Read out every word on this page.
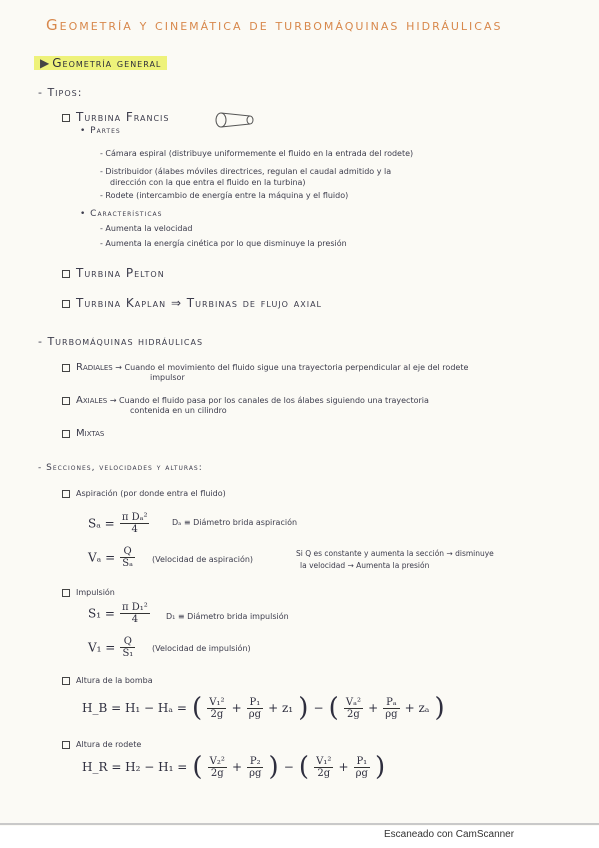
Geometría y cinemática de turbomáquinas hidráulicas
▶ Geometría general
- Tipos:
Turbina Francis
• Partes
- Cámara espiral (distribuye uniformemente el fluido en la entrada del rodete)
- Distribuidor (álabes móviles directrices, regulan el caudal admitido y la
dirección con la que entra el fluido en la turbina)
- Rodete (intercambio de energía entre la máquina y el fluido)
• Características
- Aumenta la velocidad
- Aumenta la energía cinética por lo que disminuye la presión
Turbina Pelton
Turbina Kaplan ⇒ Turbinas de flujo axial
- Turbomáquinas hidráulicas
Radiales → Cuando el movimiento del fluido sigue una trayectoria perpendicular al eje del rodete
impulsor
Axiales → Cuando el fluido pasa por los canales de los álabes siguiendo una trayectoria
contenida en un cilindro
Mixtas
- Secciones, velocidades y alturas:
Aspiración (por donde entra el fluido)
$S_a = \frac{\text{π Dₐ²}}{4}$	Dₐ ≡ Diámetro brida aspiración
$V_a = \frac{Q}{\text{Sₐ}}$ (Velocidad de aspiración)
Si Q es constante y aumenta la sección → disminuye
la velocidad → Aumenta la presión
Impulsión
$S_1 = \frac{\text{π D₁²}}{4} D_1$ ≡ Diámetro brida impulsión
$V_1 = \frac{Q}{\text{S₁}}$ (Velocidad de impulsión)
Altura de la bomba
H_B = H₁ − Hₐ = ( $\frac{\text{V₁²}}{2g} + \frac{\text{P₁}}{\rho g} + z_1$ ) − ( $\frac{\text{Vₐ²}}{2g} + \frac{\text{Pₐ}}{\rho g} + z_a$ )
Altura de rodete
H_R = H₂ − H₁ = ( $\frac{\text{V₂²}}{2g} + \frac{\text{P₂}}{\rho g}$ ) − ( $\frac{\text{V₁²}}{2g} + \frac{\text{P₁}}{\rho g}$ )
Escaneado con CamScanner
